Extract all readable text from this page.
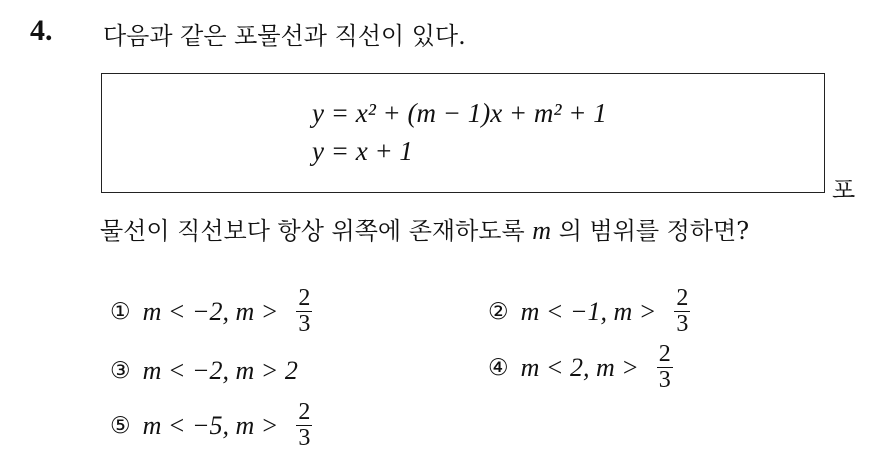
4. 다음과 같은 포물선과 직선이 있다.
y = x² + (m − 1)x + m² + 1
y = x + 1
포
물선이 직선보다 항상 위쪽에 존재하도록 m 의 범위를 정하면?
① m < −2, $m > \frac{2}{3}$	② m < −1, $m > \frac{2}{3}$
③ m < −2, m > 2	④ m < 2, $m > \frac{2}{3}$
⑤ m < −5, $m > \frac{2}{3}$
